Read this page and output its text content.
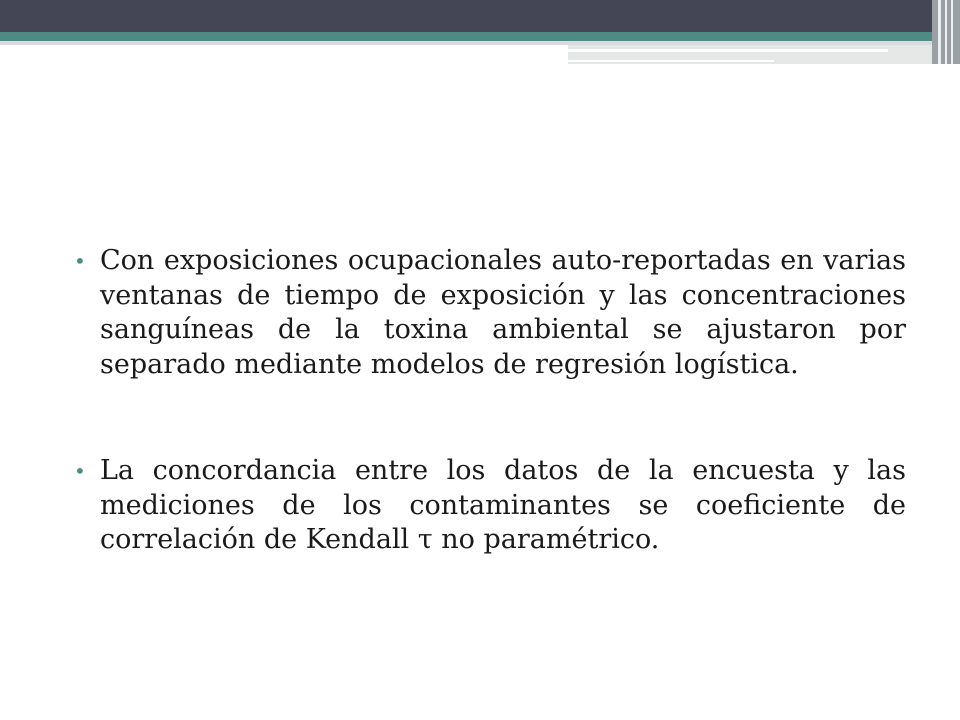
• Con exposiciones ocupacionales auto-reportadas en varias ventanas de tiempo de exposición y las concentraciones sanguíneas de la toxina ambiental se ajustaron por separado mediante modelos de regresión logística.

• La concordancia entre los datos de la encuesta y las mediciones de los contaminantes se coeficiente de correlación de Kendall τ no paramétrico.
